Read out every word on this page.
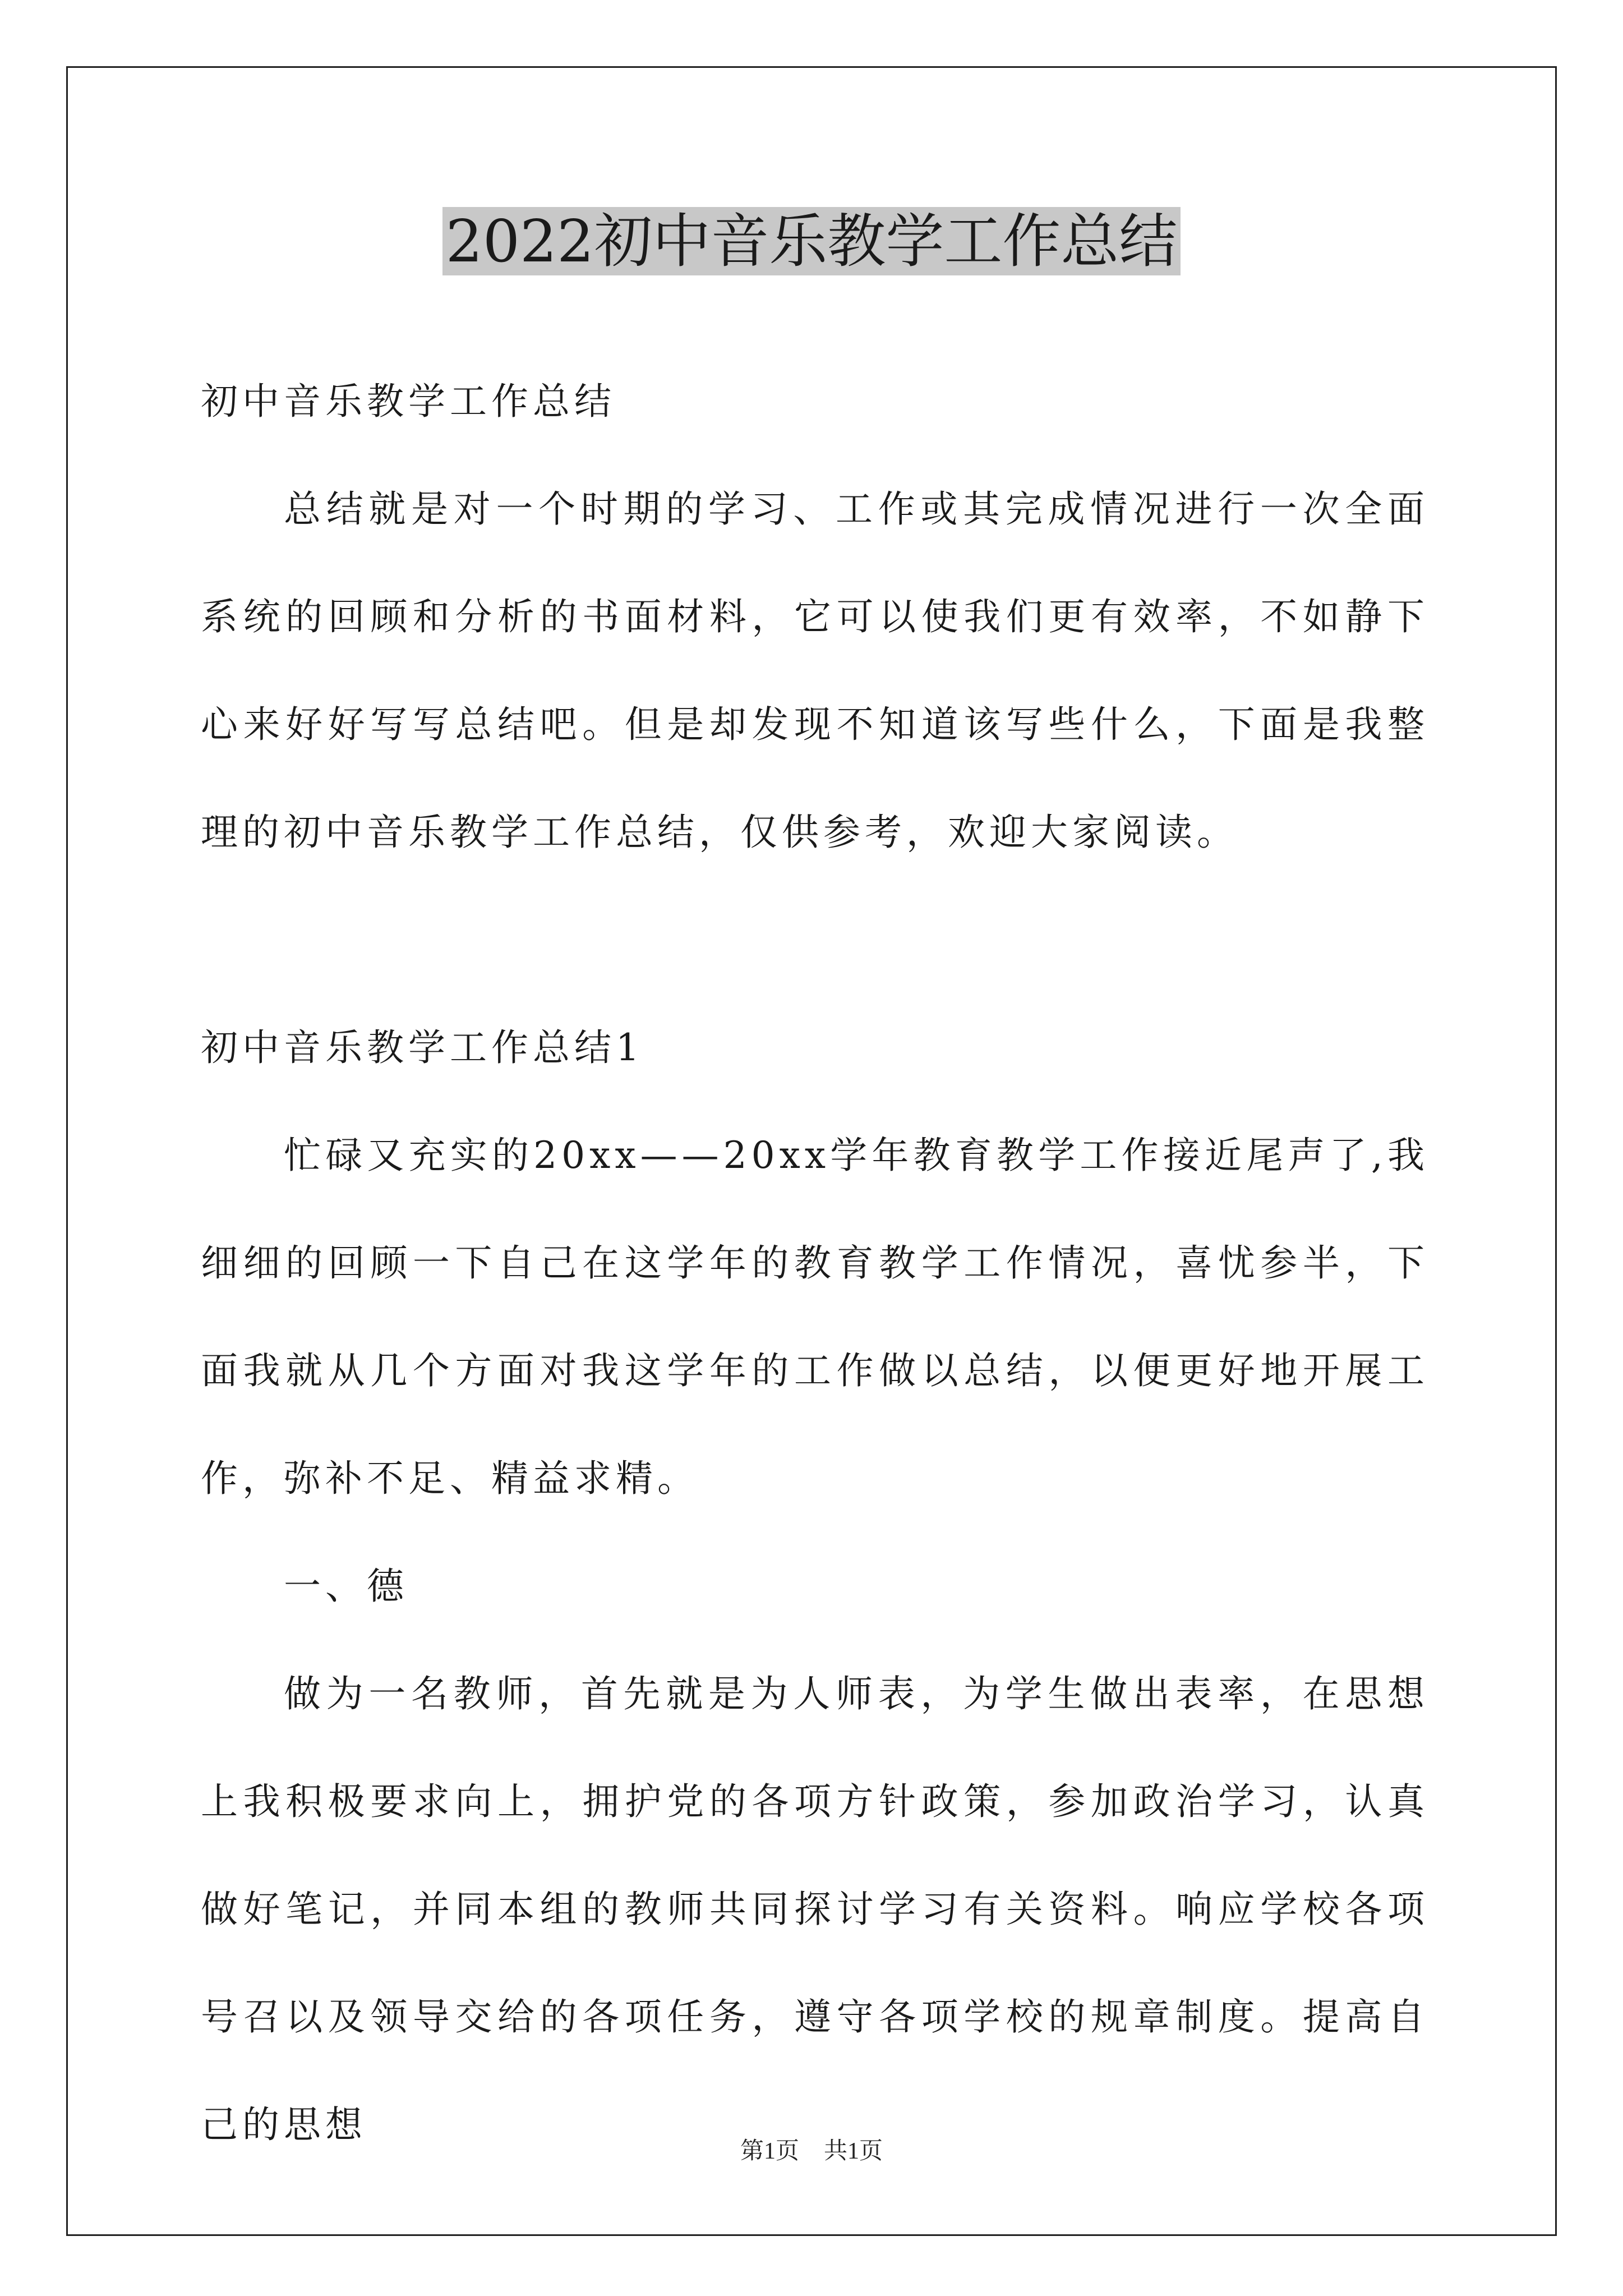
2022初中音乐教学工作总结

初中音乐教学工作总结

总结就是对一个时期的学习、工作或其完成情况进行一次全面系统的回顾和分析的书面材料，它可以使我们更有效率，不如静下心来好好写写总结吧。但是却发现不知道该写些什么，下面是我整理的初中音乐教学工作总结，仅供参考，欢迎大家阅读。

初中音乐教学工作总结1

忙碌又充实的20xx——20xx学年教育教学工作接近尾声了,我细细的回顾一下自己在这学年的教育教学工作情况，喜忧参半，下面我就从几个方面对我这学年的工作做以总结，以便更好地开展工作，弥补不足、精益求精。

一、德

做为一名教师，首先就是为人师表，为学生做出表率，在思想上我积极要求向上，拥护党的各项方针政策，参加政治学习，认真做好笔记，并同本组的教师共同探讨学习有关资料。响应学校各项号召以及领导交给的各项任务，遵守各项学校的规章制度。提高自己的思想

第1页 共1页
